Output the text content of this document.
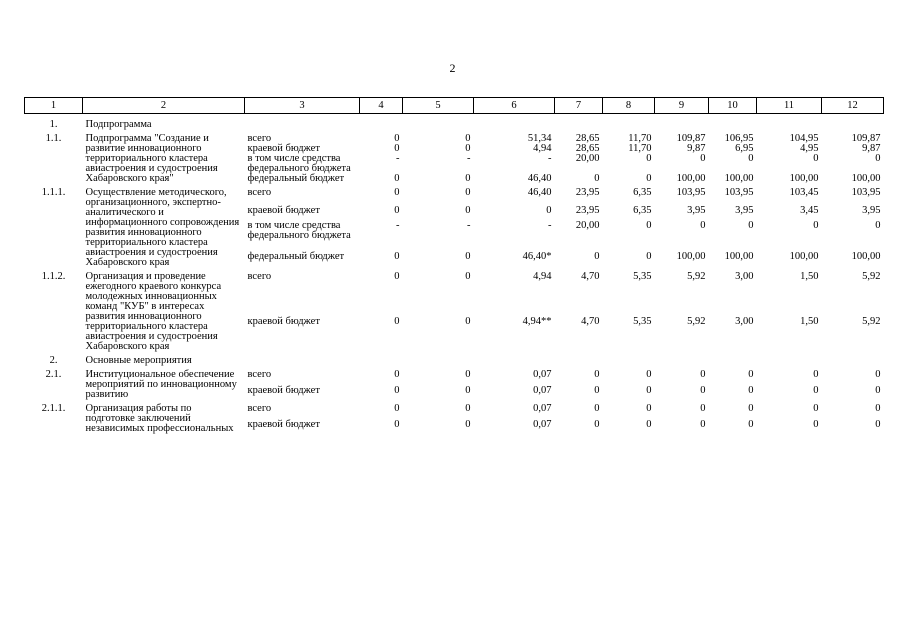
2
1	2	3	4	5	6	7	8	9	10	11	12

1.	Подпрограмма										
1.1.	Подпрограмма "Создание и развитие инновационного территориального кластера авиастроения и судостроения Хабаровского края"	всего	0	0	51,34	28,65	11,70	109,87	106,95	104,95	109,87
		краевой бюджет	0	0	4,94	28,65	11,70	9,87	6,95	4,95	9,87
		в том числе средства федерального бюджета	-	-	-	20,00	0	0	0	0	0
		федеральный бюджет	0	0	46,40	0	0	100,00	100,00	100,00	100,00
1.1.1.	Осуществление методического, организационного, экспертно-аналитического и информационного сопровождения развития инновационного территориального кластера авиастроения и судостроения Хабаровского края	всего	0	0	46,40	23,95	6,35	103,95	103,95	103,45	103,95
		краевой бюджет	0	0	0	23,95	6,35	3,95	3,95	3,45	3,95
		в том числе средства федерального бюджета	-	-	-	20,00	0	0	0	0	0
		федеральный бюджет	0	0	46,40*	0	0	100,00	100,00	100,00	100,00
1.1.2.	Организация и проведение ежегодного краевого конкурса молодежных инновационных команд "КУБ" в интересах развития инновационного территориального кластера авиастроения и судостроения Хабаровского края	всего	0	0	4,94	4,70	5,35	5,92	3,00	1,50	5,92
		краевой бюджет	0	0	4,94**	4,70	5,35	5,92	3,00	1,50	5,92
2.	Основные мероприятия										
2.1.	Институциональное обеспечение мероприятий по инновационному развитию	всего	0	0	0,07	0	0	0	0	0	0
		краевой бюджет	0	0	0,07	0	0	0	0	0	0
2.1.1.	Организация работы по подготовке заключений независимых профессиональных	всего	0	0	0,07	0	0	0	0	0	0
		краевой бюджет	0	0	0,07	0	0	0	0	0	0
